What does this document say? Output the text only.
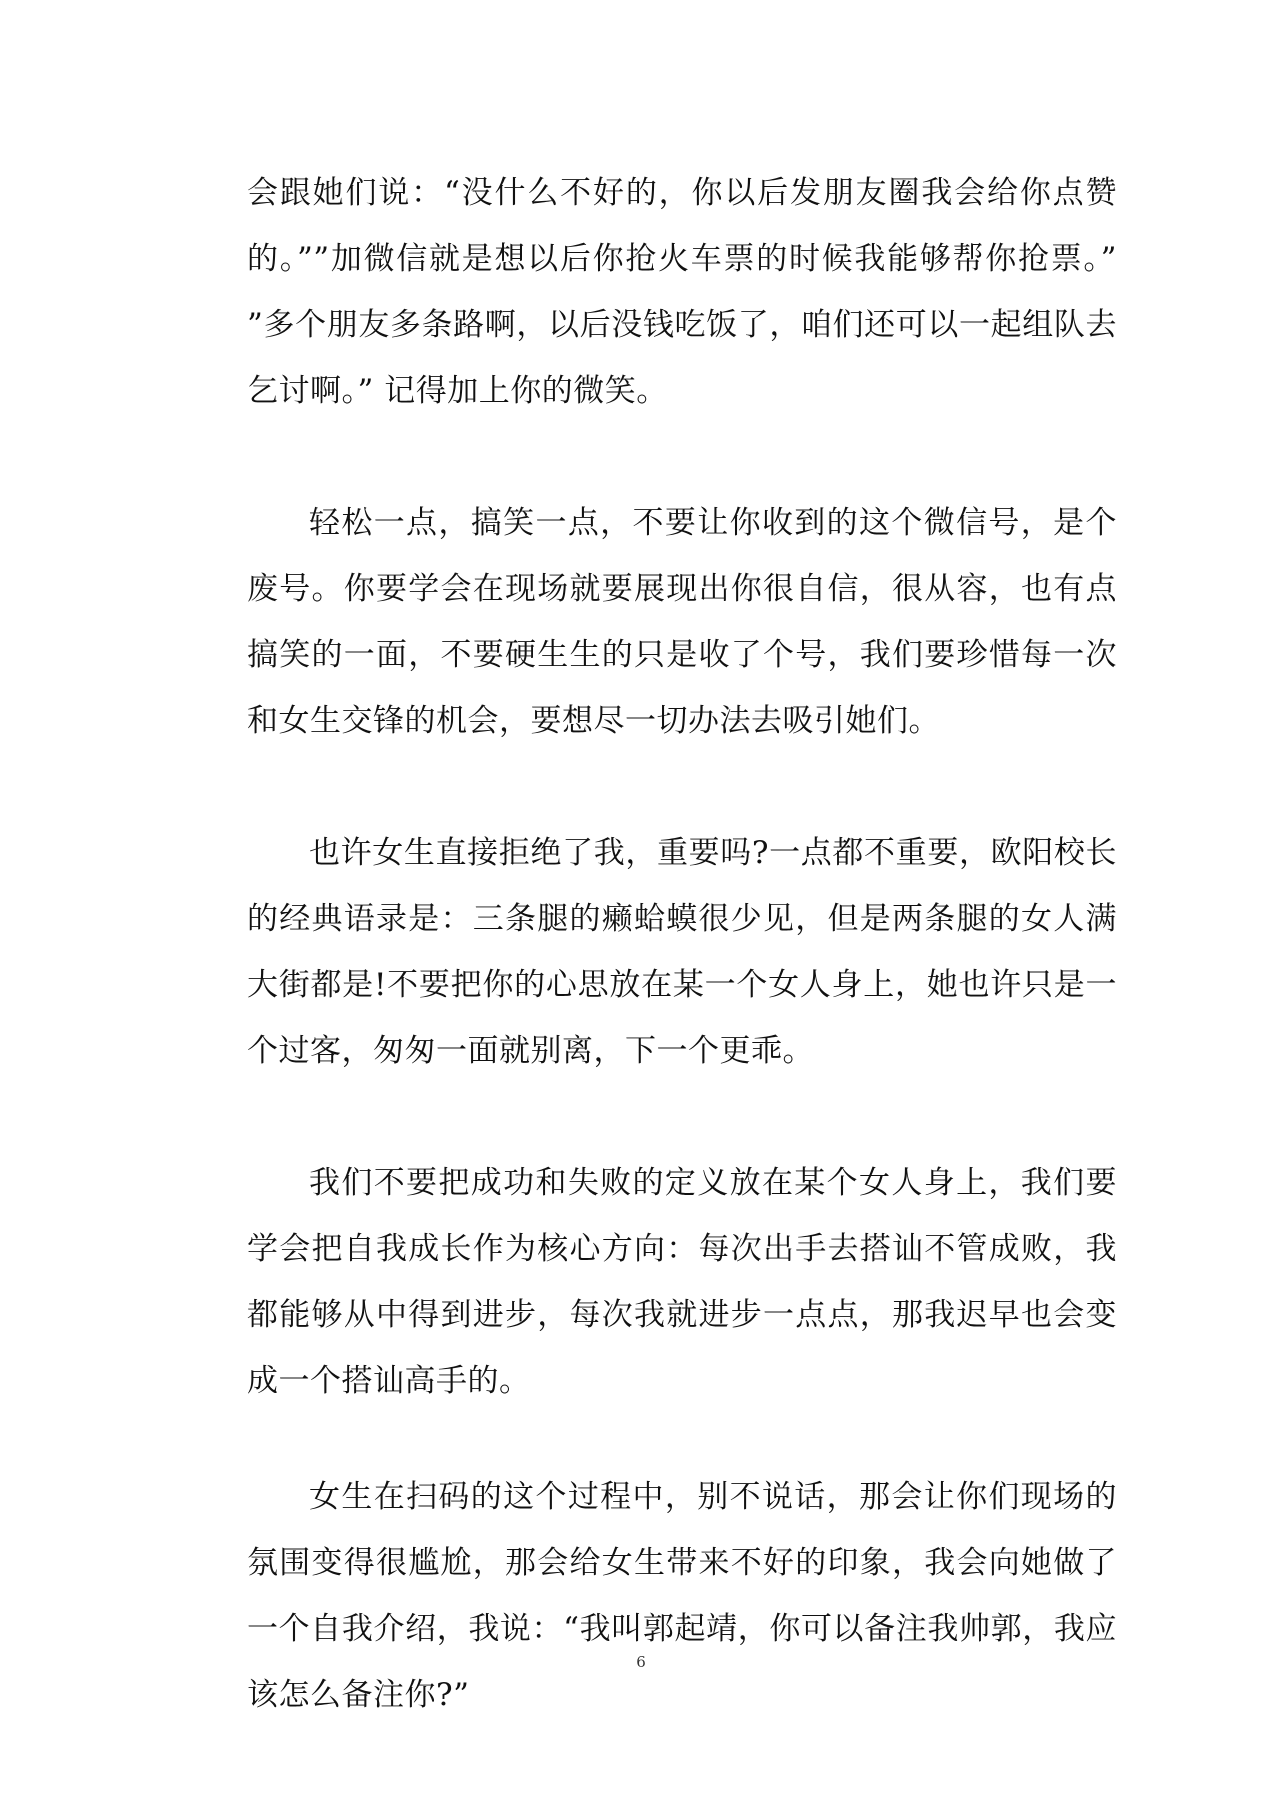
会跟她们说：“没什么不好的，你以后发朋友圈我会给你点赞的。””加微信就是想以后你抢火车票的时候我能够帮你抢票。” ”多个朋友多条路啊，以后没钱吃饭了，咱们还可以一起组队去乞讨啊。” 记得加上你的微笑。

轻松一点，搞笑一点，不要让你收到的这个微信号，是个废号。你要学会在现场就要展现出你很自信，很从容，也有点搞笑的一面，不要硬生生的只是收了个号，我们要珍惜每一次和女生交锋的机会，要想尽一切办法去吸引她们。

也许女生直接拒绝了我，重要吗?一点都不重要，欧阳校长的经典语录是：三条腿的癞蛤蟆很少见，但是两条腿的女人满大街都是!不要把你的心思放在某一个女人身上，她也许只是一个过客，匆匆一面就别离，下一个更乖。

我们不要把成功和失败的定义放在某个女人身上，我们要学会把自我成长作为核心方向：每次出手去搭讪不管成败，我都能够从中得到进步，每次我就进步一点点，那我迟早也会变成一个搭讪高手的。

女生在扫码的这个过程中，别不说话，那会让你们现场的氛围变得很尴尬，那会给女生带来不好的印象，我会向她做了一个自我介绍，我说：“我叫郭起靖，你可以备注我帅郭，我应该怎么备注你?”

6
